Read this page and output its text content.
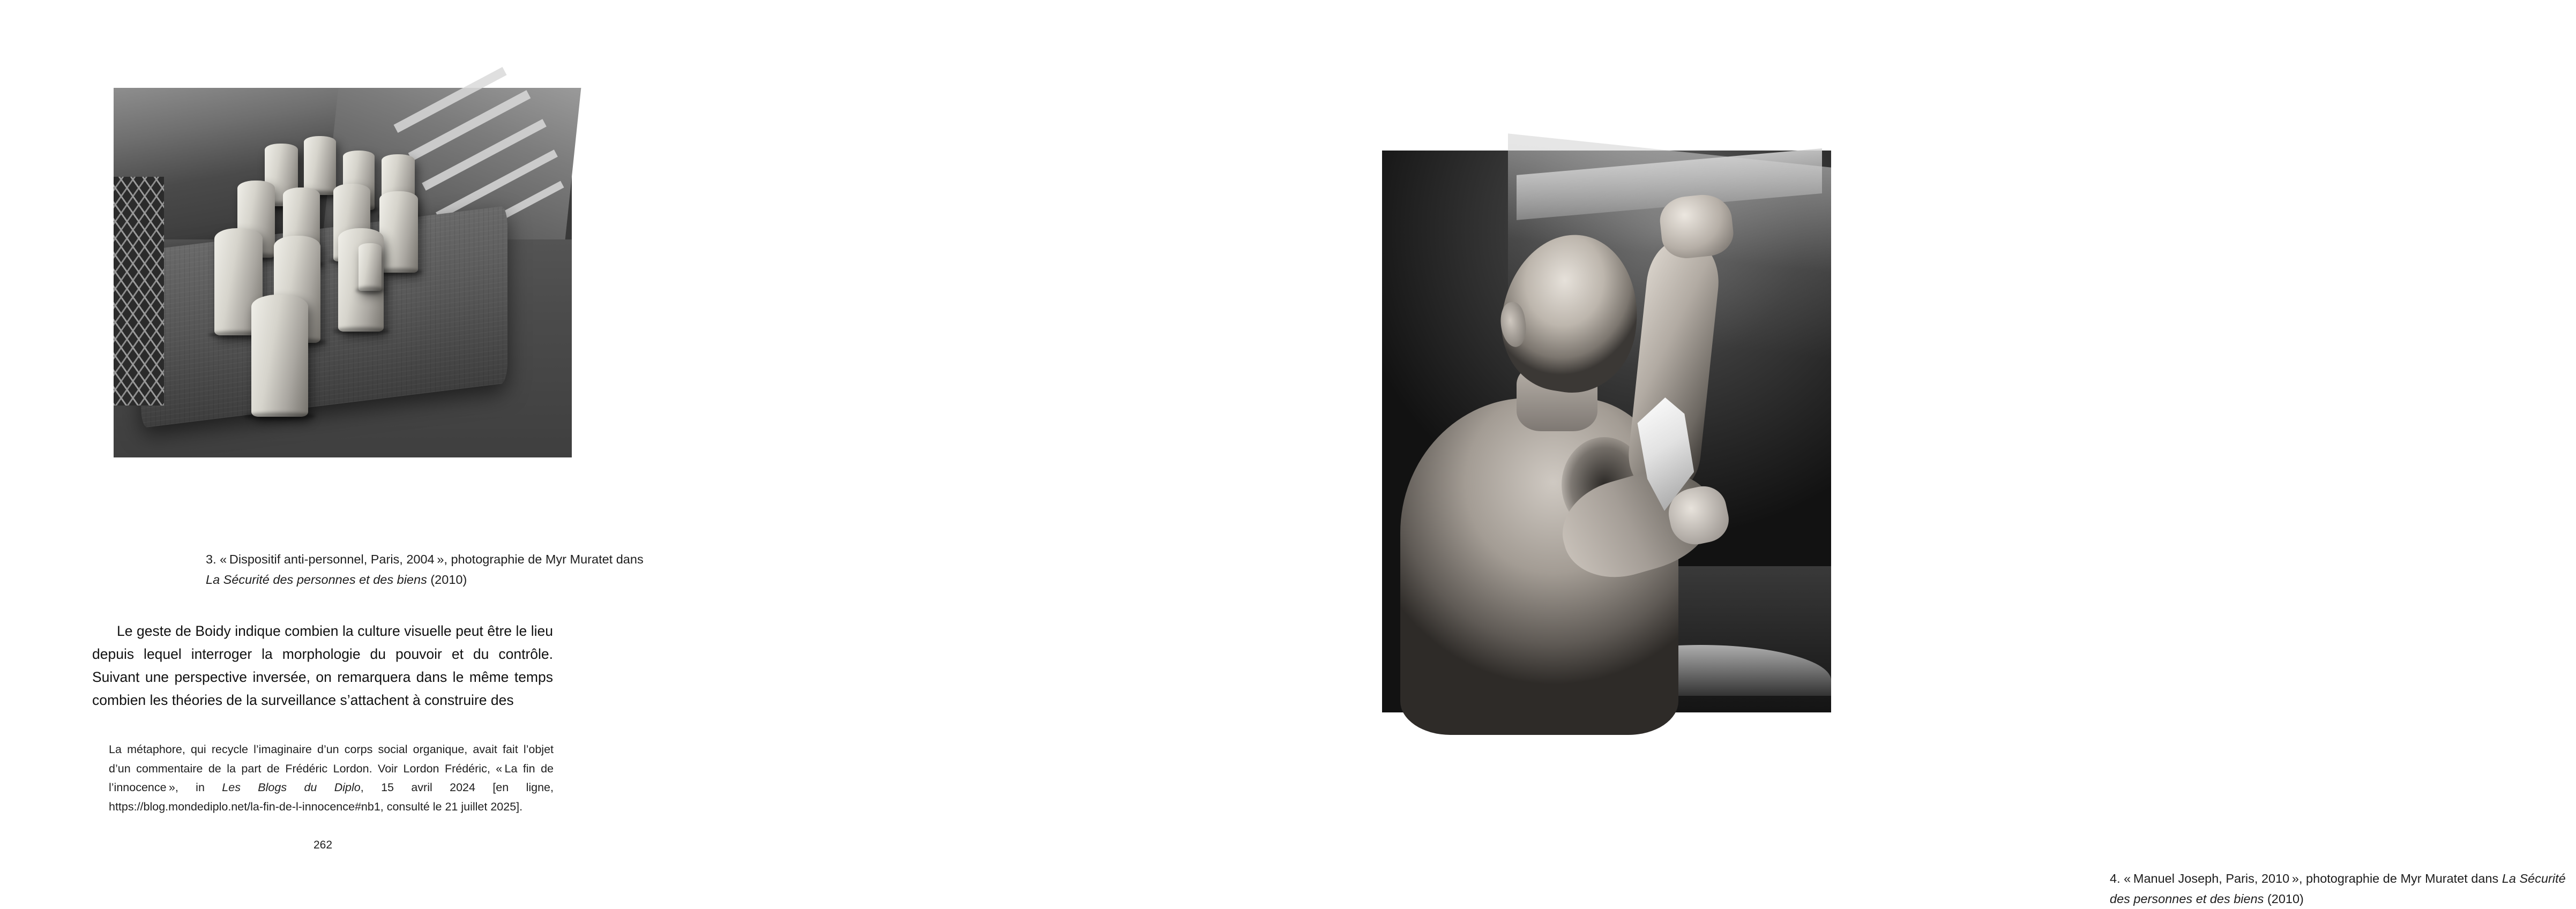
3. « Dispositif anti-personnel, Paris, 2004 », photographie de Myr Muratet dans
La Sécurité des personnes et des biens (2010)

Le geste de Boidy indique combien la culture visuelle peut être le lieu depuis lequel interroger la morphologie du pouvoir et du contrôle. Suivant une perspective inversée, on remarquera dans le même temps combien les théories de la surveillance s’attachent à construire des

La métaphore, qui recycle l’imaginaire d’un corps social organique, avait fait l’objet d’un commentaire de la part de Frédéric Lordon. Voir Lordon Frédéric, « La fin de l’innocence », in Les Blogs du Diplo, 15 avril 2024 [en ligne, https://blog.mondediplo.net/la-fin-de-l-innocence#nb1, consulté le 21 juillet 2025].
262
4. « Manuel Joseph, Paris, 2010 », photographie de Myr Muratet dans La Sécurité des personnes et des biens (2010)
